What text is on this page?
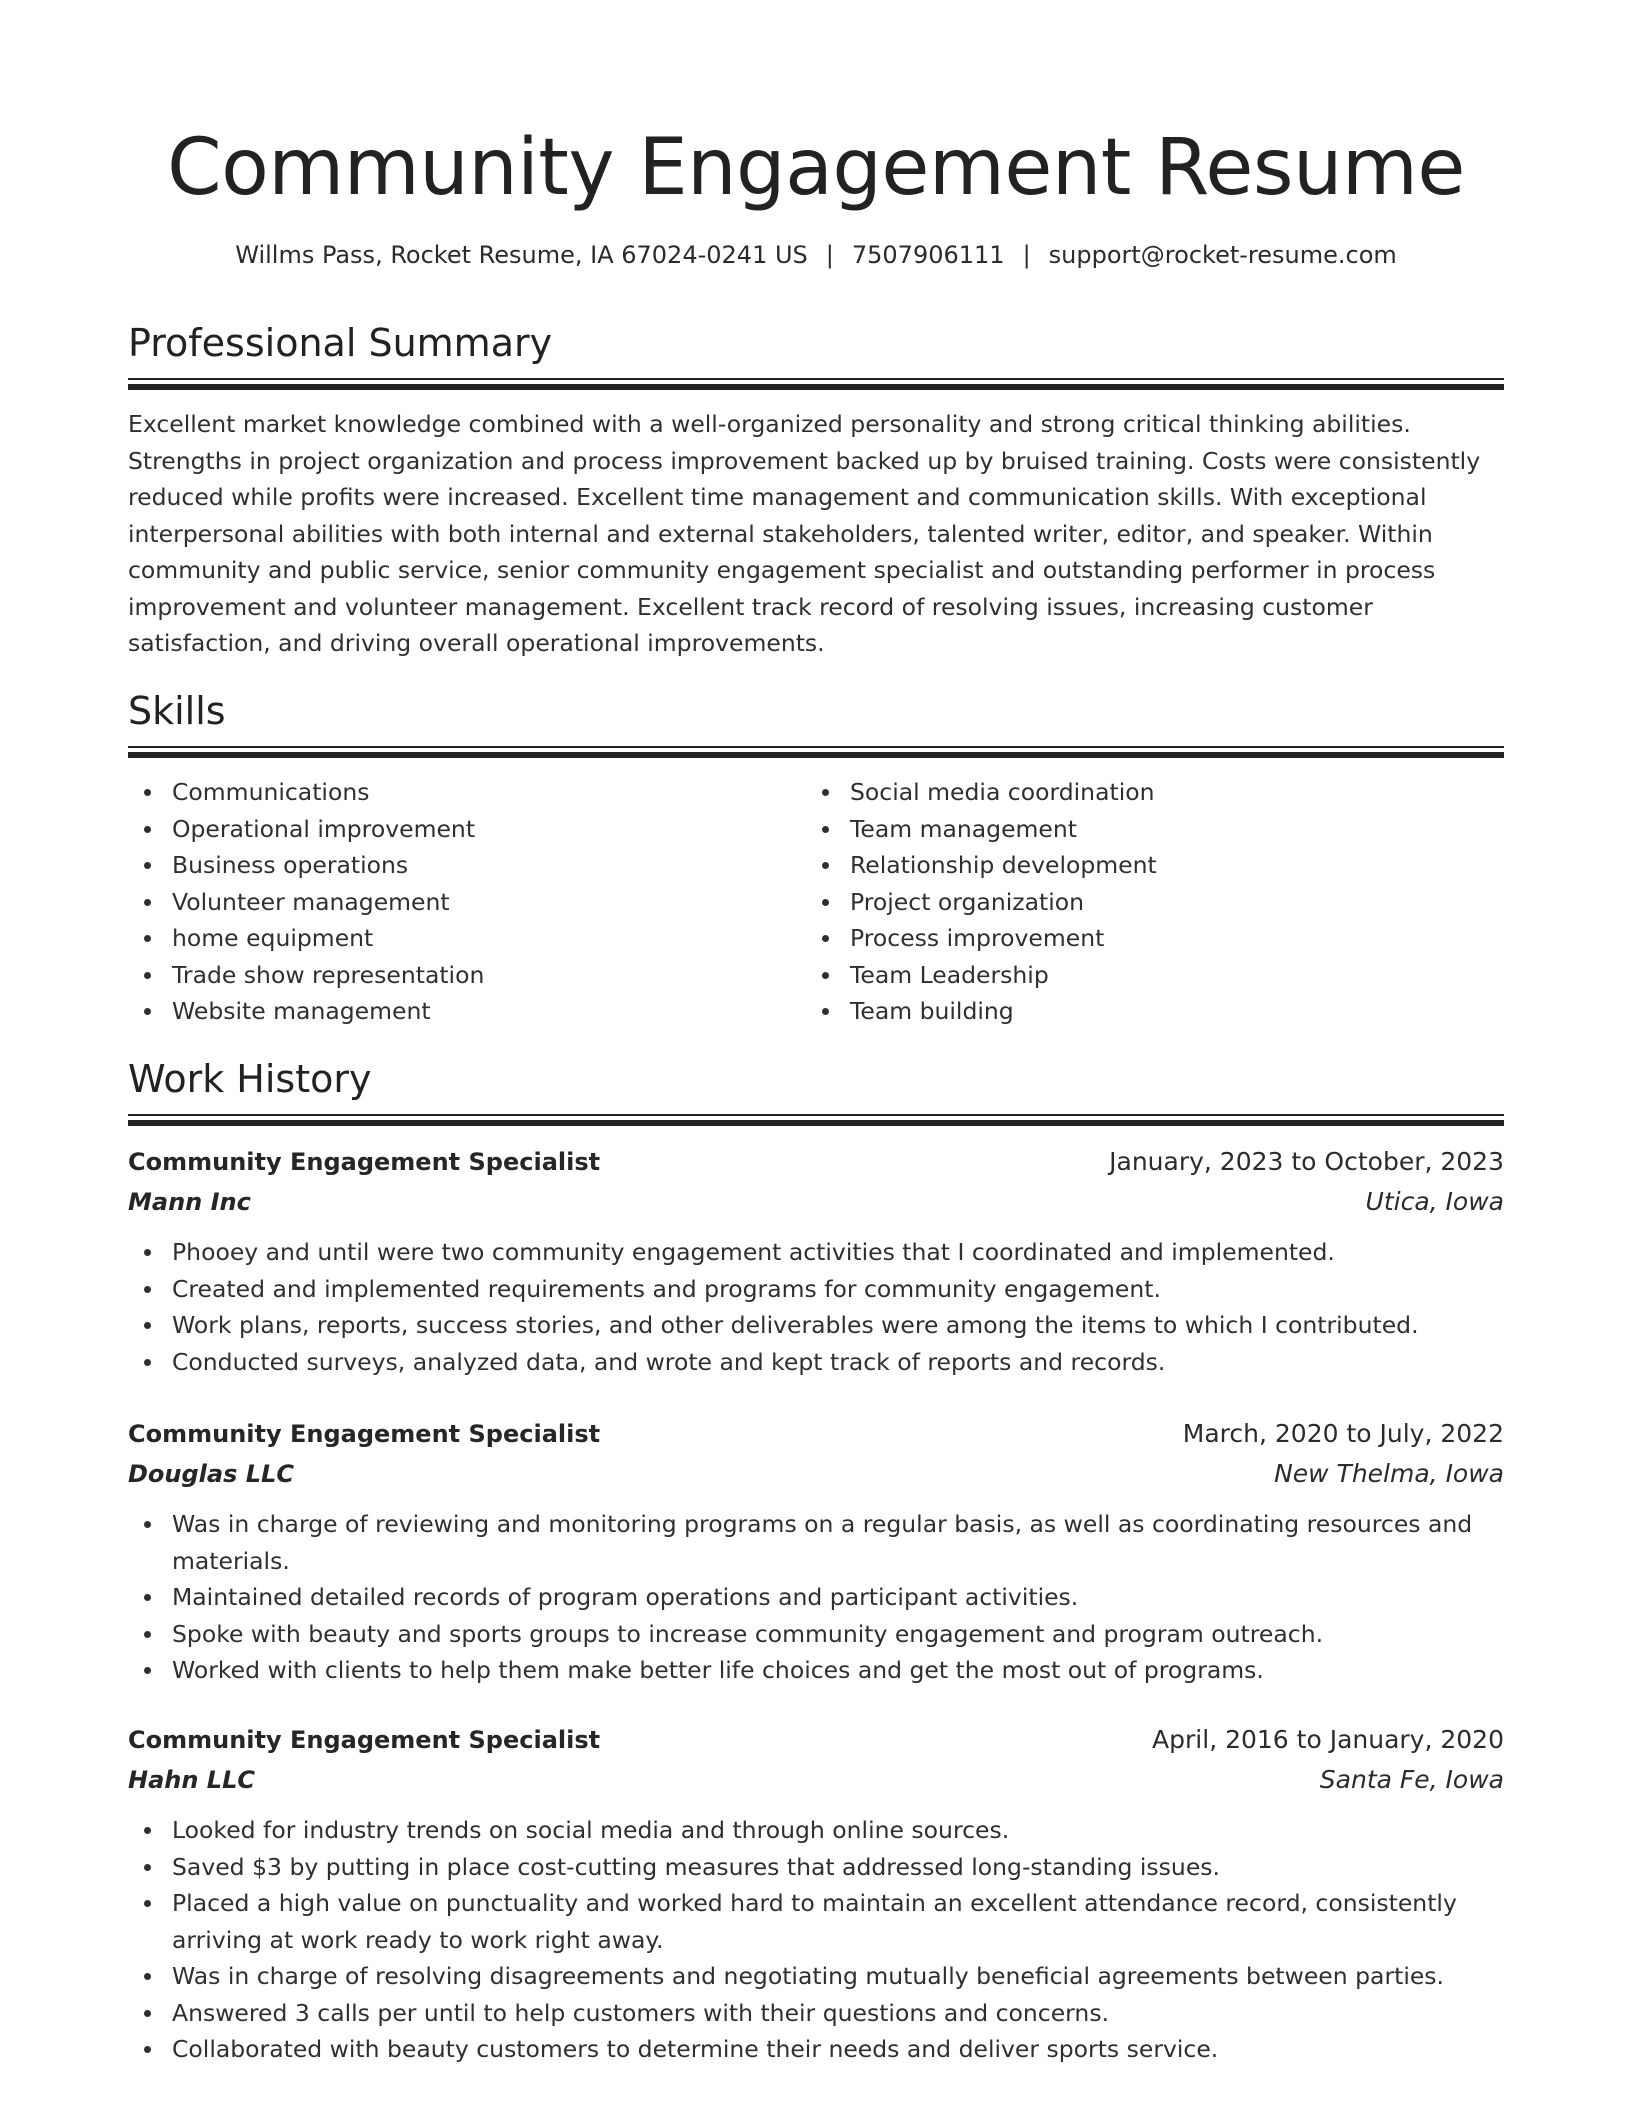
Community Engagement Resume
Willms Pass, Rocket Resume, IA 67024-0241 US | 7507906111 | support@rocket-resume.com
Professional Summary

Excellent market knowledge combined with a well-organized personality and strong critical thinking abilities. Strengths in project organization and process improvement backed up by bruised training. Costs were consistently reduced while profits were increased. Excellent time management and communication skills. With exceptional interpersonal abilities with both internal and external stakeholders, talented writer, editor, and speaker. Within community and public service, senior community engagement specialist and outstanding performer in process improvement and volunteer management. Excellent track record of resolving issues, increasing customer satisfaction, and driving overall operational improvements.

Skills
Communications
Operational improvement
Business operations
Volunteer management
home equipment
Trade show representation
Website management
Social media coordination
Team management
Relationship development
Project organization
Process improvement
Team Leadership
Team building
Work History
Community Engagement Specialist	January, 2023 to October, 2023
Mann Inc	Utica, Iowa
Phooey and until were two community engagement activities that I coordinated and implemented.
Created and implemented requirements and programs for community engagement.
Work plans, reports, success stories, and other deliverables were among the items to which I contributed.
Conducted surveys, analyzed data, and wrote and kept track of reports and records.
Community Engagement Specialist	March, 2020 to July, 2022
Douglas LLC	New Thelma, Iowa
Was in charge of reviewing and monitoring programs on a regular basis, as well as coordinating resources and materials.
Maintained detailed records of program operations and participant activities.
Spoke with beauty and sports groups to increase community engagement and program outreach.
Worked with clients to help them make better life choices and get the most out of programs.
Community Engagement Specialist	April, 2016 to January, 2020
Hahn LLC	Santa Fe, Iowa
Looked for industry trends on social media and through online sources.
Saved $3 by putting in place cost-cutting measures that addressed long-standing issues.
Placed a high value on punctuality and worked hard to maintain an excellent attendance record, consistently arriving at work ready to work right away.
Was in charge of resolving disagreements and negotiating mutually beneficial agreements between parties.
Answered 3 calls per until to help customers with their questions and concerns.
Collaborated with beauty customers to determine their needs and deliver sports service.
